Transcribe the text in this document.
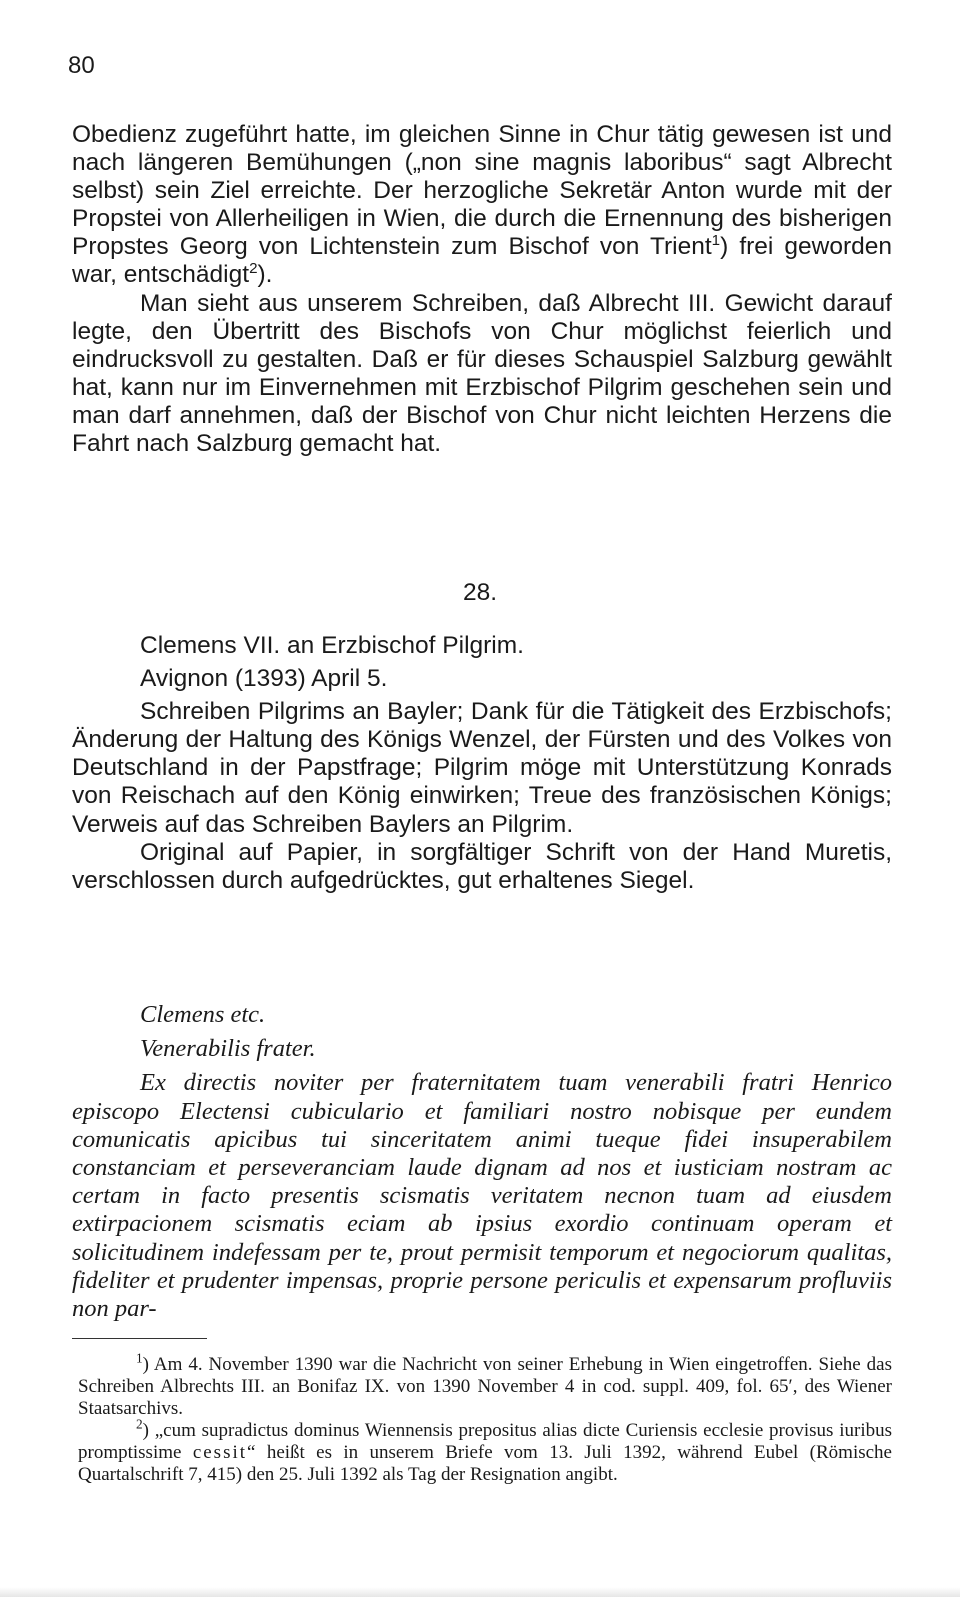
80

Obedienz zugeführt hatte, im gleichen Sinne in Chur tätig gewesen ist und nach längeren Bemühungen („non sine magnis laboribus“ sagt Albrecht selbst) sein Ziel erreichte. Der herzogliche Sekretär Anton wurde mit der Propstei von Allerheiligen in Wien, die durch die Ernennung des bisherigen Propstes Georg von Lichtenstein zum Bischof von Trient$^1$) frei geworden war, entschädigt$^2$).

Man sieht aus unserem Schreiben, daß Albrecht III. Gewicht darauf legte, den Übertritt des Bischofs von Chur möglichst feierlich und eindrucksvoll zu gestalten. Daß er für dieses Schauspiel Salzburg gewählt hat, kann nur im Einvernehmen mit Erzbischof Pilgrim geschehen sein und man darf annehmen, daß der Bischof von Chur nicht leichten Herzens die Fahrt nach Salzburg gemacht hat.

28.

Clemens VII. an Erzbischof Pilgrim.

Avignon (1393) April 5.

Schreiben Pilgrims an Bayler; Dank für die Tätigkeit des Erzbischofs; Änderung der Haltung des Königs Wenzel, der Fürsten und des Volkes von Deutschland in der Papstfrage; Pilgrim möge mit Unterstützung Konrads von Reischach auf den König einwirken; Treue des französischen Königs; Verweis auf das Schreiben Baylers an Pilgrim.

Original auf Papier, in sorgfältiger Schrift von der Hand Muretis, verschlossen durch aufgedrücktes, gut erhaltenes Siegel.

Clemens etc.

Venerabilis frater.

Ex directis noviter per fraternitatem tuam venerabili fratri Henrico episcopo Electensi cubiculario et familiari nostro nobisque per eundem comunicatis apicibus tui sinceritatem animi tueque fidei insuperabilem constanciam et perseveranciam laude dignam ad nos et iusticiam nostram ac certam in facto presentis scismatis veritatem necnon tuam ad eiusdem extirpacionem scismatis eciam ab ipsius exordio continuam operam et solicitudinem indefessam per te, prout permisit temporum et negociorum qualitas, fideliter et prudenter impensas, proprie persone periculis et expensarum profluviis non par-

$^1$) Am 4. November 1390 war die Nachricht von seiner Erhebung in Wien eingetroffen. Siehe das Schreiben Albrechts III. an Bonifaz IX. von 1390 November 4 in cod. suppl. 409, fol. 65′, des Wiener Staatsarchivs.

$^2$) „cum supradictus dominus Wiennensis prepositus alias dicte Curiensis ecclesie provisus iuribus promptissime cessit“ heißt es in unserem Briefe vom 13. Juli 1392, während Eubel (Römische Quartalschrift 7, 415) den 25. Juli 1392 als Tag der Resignation angibt.
